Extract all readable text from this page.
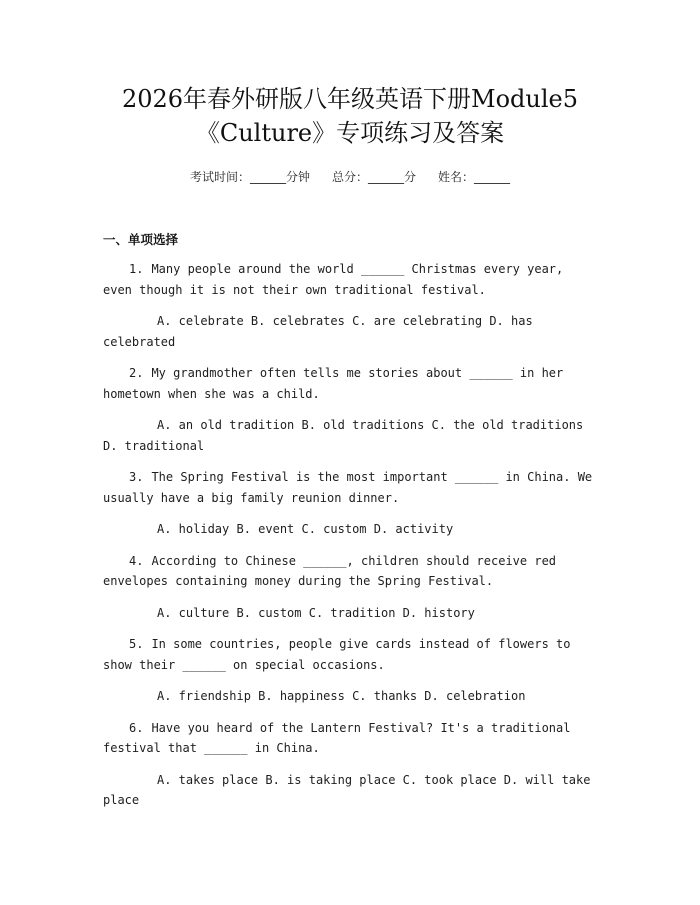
2026年春外研版八年级英语下册Module5
《Culture》专项练习及答案
考试时间：______分钟 总分：______分 姓名：______
一、单项选择

1. Many people around the world ______ Christmas every year, even though it is not their own traditional festival.

A. celebrate B. celebrates C. are celebrating D. has celebrated

2. My grandmother often tells me stories about ______ in her hometown when she was a child.

A. an old tradition B. old traditions C. the old traditions D. traditional

3. The Spring Festival is the most important ______ in China. We usually have a big family reunion dinner.

A. holiday B. event C. custom D. activity

4. According to Chinese ______, children should receive red envelopes containing money during the Spring Festival.

A. culture B. custom C. tradition D. history

5. In some countries, people give cards instead of flowers to show their ______ on special occasions.

A. friendship B. happiness C. thanks D. celebration

6. Have you heard of the Lantern Festival? It's a traditional festival that ______ in China.

A. takes place B. is taking place C. took place D. will take place
